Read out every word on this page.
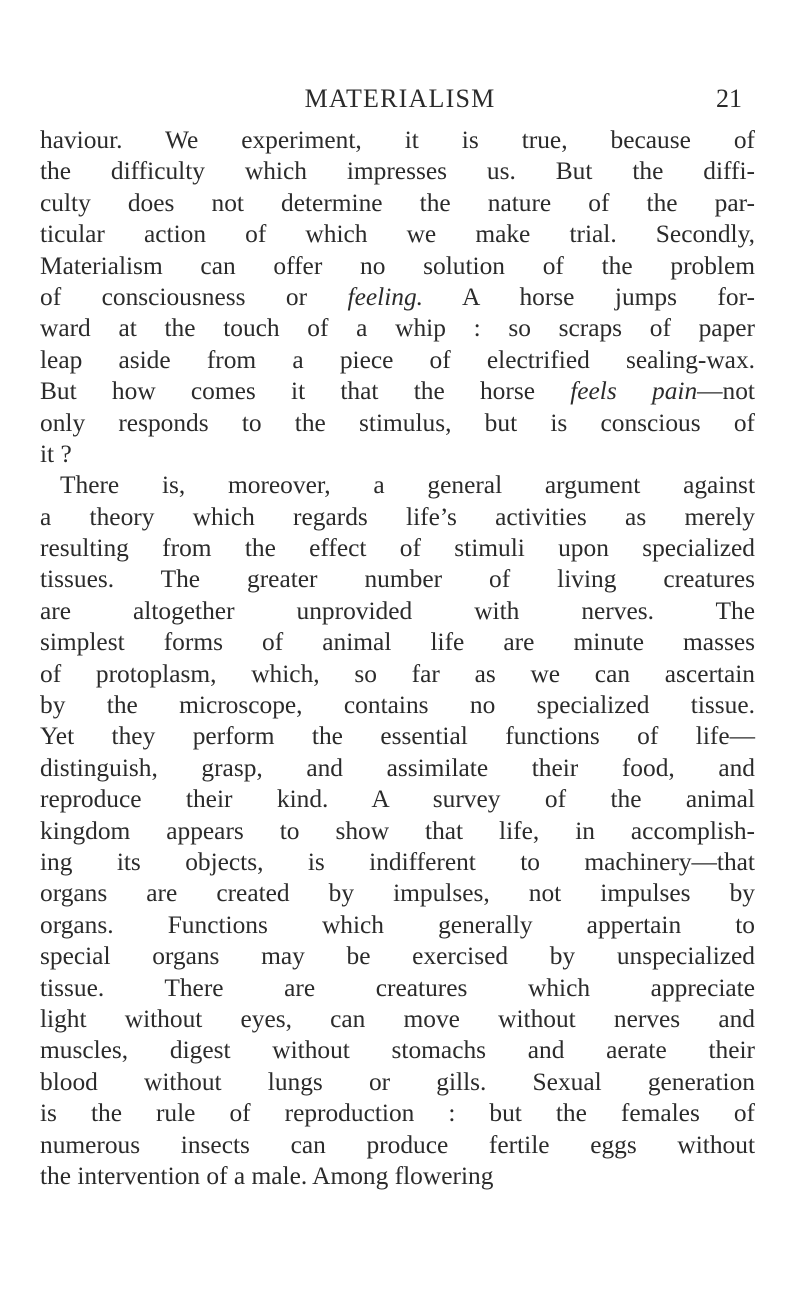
MATERIALISM	21
haviour. We experiment, it is true, because of
the difficulty which impresses us. But the diffi-
culty does not determine the nature of the par-
ticular action of which we make trial. Secondly,
Materialism can offer no solution of the problem
of consciousness or feeling. A horse jumps for-
ward at the touch of a whip : so scraps of paper
leap aside from a piece of electrified sealing-wax.
But how comes it that the horse feels pain—not
only responds to the stimulus, but is conscious of
it ?
There is, moreover, a general argument against
a theory which regards life’s activities as merely
resulting from the effect of stimuli upon specialized
tissues. The greater number of living creatures
are altogether unprovided with nerves. The
simplest forms of animal life are minute masses
of protoplasm, which, so far as we can ascertain
by the microscope, contains no specialized tissue.
Yet they perform the essential functions of life—
distinguish, grasp, and assimilate their food, and
reproduce their kind. A survey of the animal
kingdom appears to show that life, in accomplish-
ing its objects, is indifferent to machinery—that
organs are created by impulses, not impulses by
organs. Functions which generally appertain to
special organs may be exercised by unspecialized
tissue. There are creatures which appreciate
light without eyes, can move without nerves and
muscles, digest without stomachs and aerate their
blood without lungs or gills. Sexual generation
is the rule of reproduction : but the females of
numerous insects can produce fertile eggs without
the intervention of a male. Among flowering
